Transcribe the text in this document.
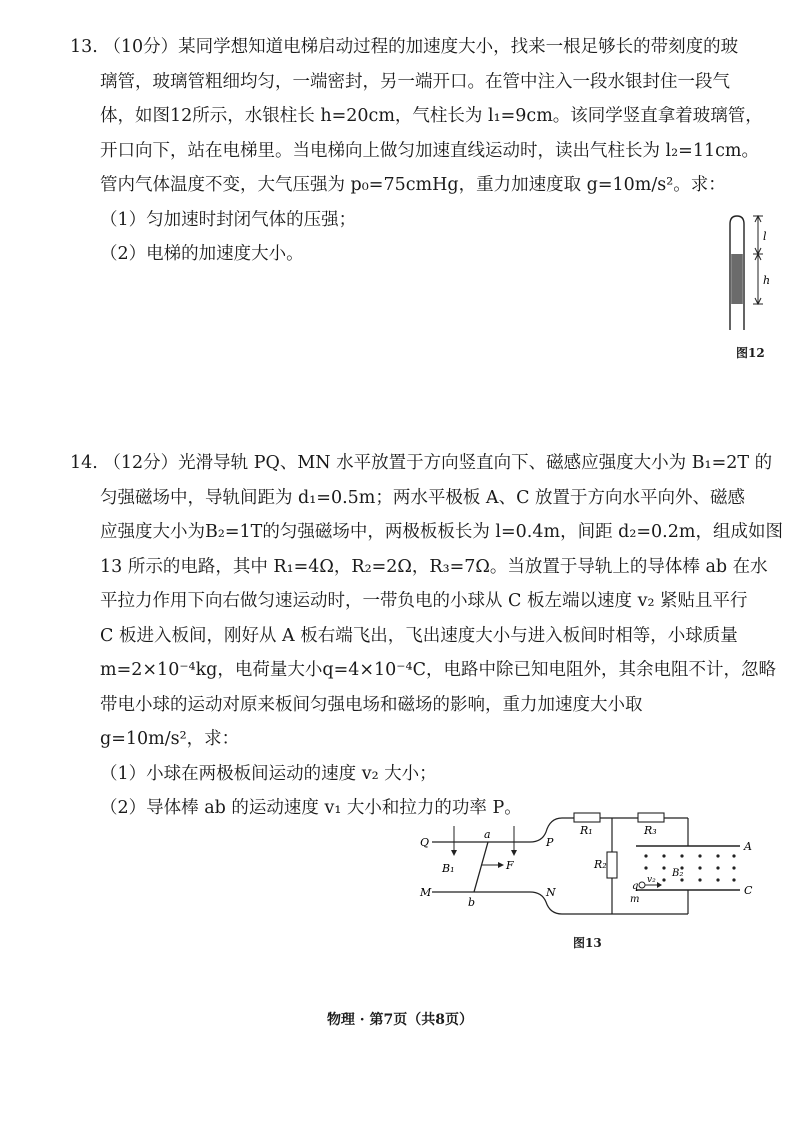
13. （10分）某同学想知道电梯启动过程的加速度大小，找来一根足够长的带刻度的玻
璃管，玻璃管粗细均匀，一端密封，另一端开口。在管中注入一段水银封住一段气
体，如图12所示，水银柱长 h=20cm，气柱长为 l₁=9cm。该同学竖直拿着玻璃管，
开口向下，站在电梯里。当电梯向上做匀加速直线运动时，读出气柱长为 l₂=11cm。
管内气体温度不变，大气压强为 p₀=75cmHg，重力加速度取 g=10m/s²。求：
（1）匀加速时封闭气体的压强；
（2）电梯的加速度大小。
l
h
图12
14. （12分）光滑导轨 PQ、MN 水平放置于方向竖直向下、磁感应强度大小为 B₁=2T 的
匀强磁场中，导轨间距为 d₁=0.5m；两水平极板 A、C 放置于方向水平向外、磁感
应强度大小为B₂=1T的匀强磁场中，两极板板长为 l=0.4m，间距 d₂=0.2m，组成如图
13 所示的电路，其中 R₁=4Ω，R₂=2Ω，R₃=7Ω。当放置于导轨上的导体棒 ab 在水
平拉力作用下向右做匀速运动时，一带负电的小球从 C 板左端以速度 v₂ 紧贴且平行
C 板进入板间，刚好从 A 板右端飞出，飞出速度大小与进入板间时相等，小球质量
m=2×10⁻⁴kg，电荷量大小q=4×10⁻⁴C，电路中除已知电阻外，其余电阻不计，忽略
带电小球的运动对原来板间匀强电场和磁场的影响，重力加速度大小取
g=10m/s²，求：
（1）小球在两极板间运动的速度 v₂ 大小；
（2）导体棒 ab 的运动速度 v₁ 大小和拉力的功率 P。
Q
M
a
b
B₁	F
P
N
R₁	R₃
R₂
A
C
B₂
q
m
v₂
图13
物理 · 第7页（共8页）
